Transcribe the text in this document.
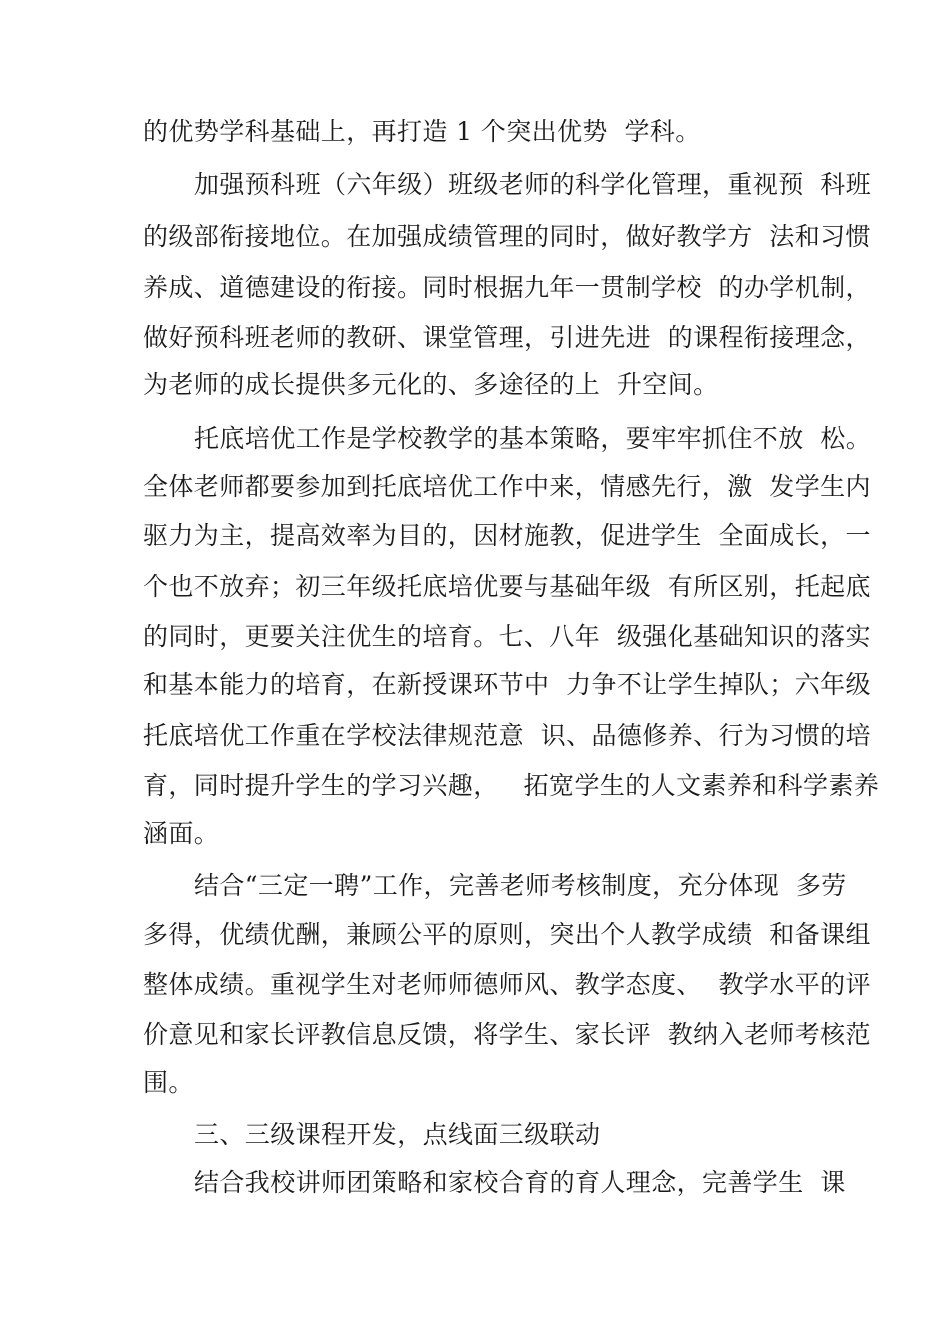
的优势学科基础上，再打造 1 个突出优势  学科。
加强预科班（六年级）班级老师的科学化管理，重视预  科班
的级部衔接地位。在加强成绩管理的同时，做好教学方  法和习惯
养成、道德建设的衔接。同时根据九年一贯制学校  的办学机制，
做好预科班老师的教研、课堂管理，引进先进  的课程衔接理念，
为老师的成长提供多元化的、多途径的上  升空间。
托底培优工作是学校教学的基本策略，要牢牢抓住不放  松。
全体老师都要参加到托底培优工作中来，情感先行，激  发学生内
驱力为主，提高效率为目的，因材施教，促进学生  全面成长，一
个也不放弃；初三年级托底培优要与基础年级  有所区别，托起底
的同时，更要关注优生的培育。七、八年  级强化基础知识的落实
和基本能力的培育，在新授课环节中  力争不让学生掉队；六年级
托底培优工作重在学校法律规范意  识、品德修养、行为习惯的培
育，同时提升学生的学习兴趣，   拓宽学生的人文素养和科学素养
涵面。
结合“三定一聘”工作，完善老师考核制度，充分体现  多劳
多得，优绩优酬，兼顾公平的原则，突出个人教学成绩  和备课组
整体成绩。重视学生对老师师德师风、教学态度、  教学水平的评
价意见和家长评教信息反馈，将学生、家长评  教纳入老师考核范
围。
三、三级课程开发，点线面三级联动
结合我校讲师团策略和家校合育的育人理念，完善学生  课
